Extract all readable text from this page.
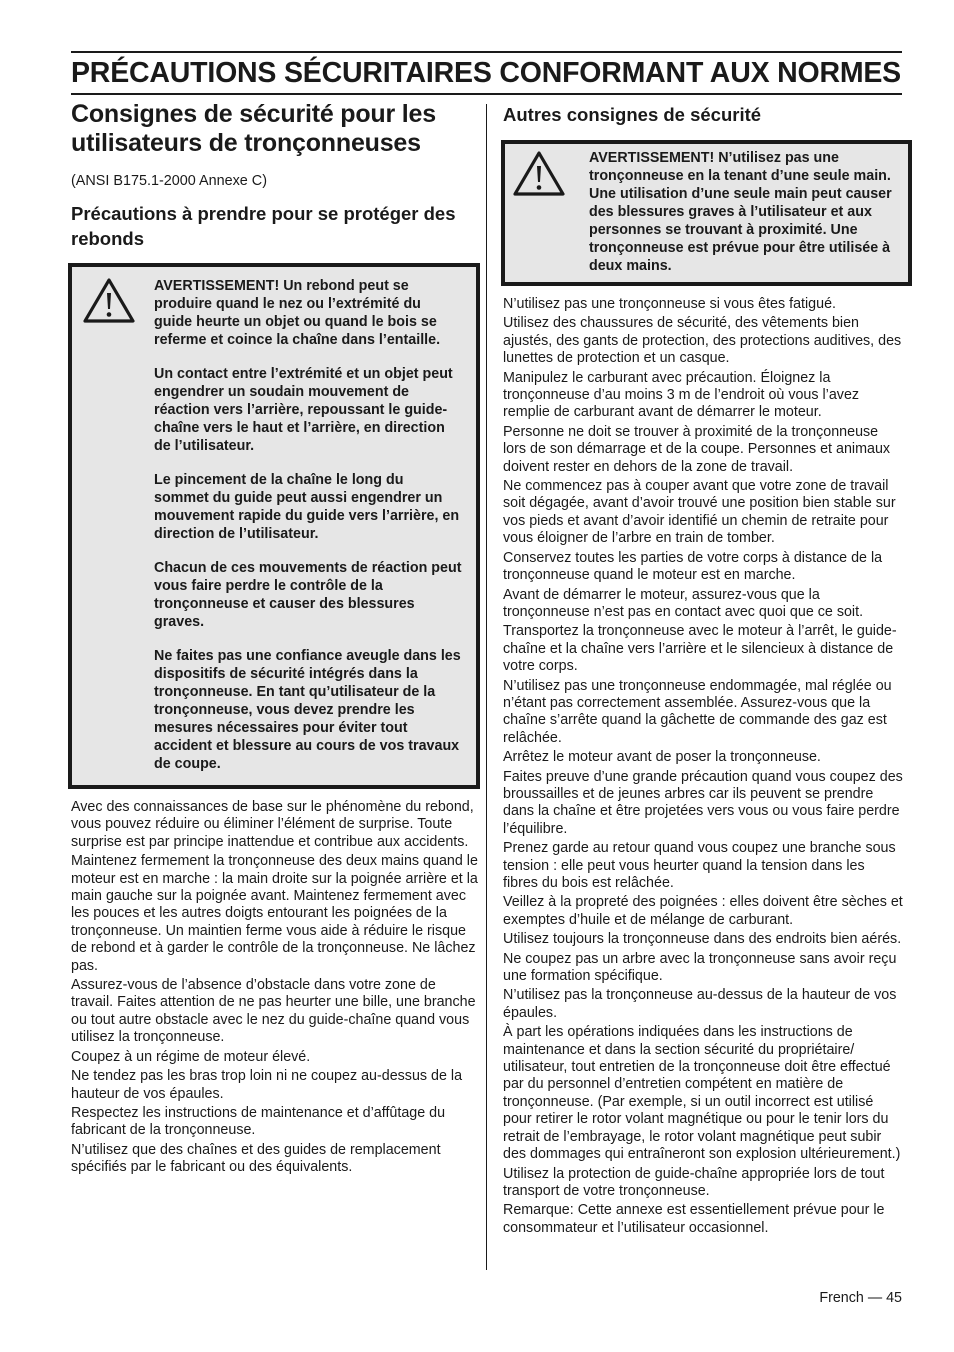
PRÉCAUTIONS SÉCURITAIRES CONFORMANT AUX NORMES
Consignes de sécurité pour les utilisateurs de tronçonneuses

(ANSI B175.1-2000 Annexe C)

Précautions à prendre pour se protéger des rebonds

AVERTISSEMENT! Un rebond peut se produire quand le nez ou l’extrémité du guide heurte un objet ou quand le bois se referme et coince la chaîne dans l’entaille.

Un contact entre l’extrémité et un objet peut engendrer un soudain mouvement de réaction vers l’arrière, repoussant le guide-chaîne vers le haut et l’arrière, en direction de l’utilisateur.

Le pincement de la chaîne le long du sommet du guide peut aussi engendrer un mouvement rapide du guide vers l’arrière, en direction de l’utilisateur.

Chacun de ces mouvements de réaction peut vous faire perdre le contrôle de la tronçonneuse et causer des blessures graves.

Ne faites pas une confiance aveugle dans les dispositifs de sécurité intégrés dans la tronçonneuse. En tant qu’utilisateur de la tronçonneuse, vous devez prendre les mesures nécessaires pour éviter tout accident et blessure au cours de vos travaux de coupe.

Avec des connaissances de base sur le phénomène du rebond, vous pouvez réduire ou éliminer l’élément de surprise. Toute surprise est par principe inattendue et contribue aux accidents.

Maintenez fermement la tronçonneuse des deux mains quand le moteur est en marche : la main droite sur la poignée arrière et la main gauche sur la poignée avant. Maintenez fermement avec les pouces et les autres doigts entourant les poignées de la tronçonneuse. Un maintien ferme vous aide à réduire le risque de rebond et à garder le contrôle de la tronçonneuse. Ne lâchez pas.

Assurez-vous de l’absence d’obstacle dans votre zone de travail. Faites attention de ne pas heurter une bille, une branche ou tout autre obstacle avec le nez du guide-chaîne quand vous utilisez la tronçonneuse.

Coupez à un régime de moteur élevé.

Ne tendez pas les bras trop loin ni ne coupez au-dessus de la hauteur de vos épaules.

Respectez les instructions de maintenance et d’affûtage du fabricant de la tronçonneuse.

N’utilisez que des chaînes et des guides de remplacement spécifiés par le fabricant ou des équivalents.

Autres consignes de sécurité

AVERTISSEMENT! N’utilisez pas une tronçonneuse en la tenant d’une seule main. Une utilisation d’une seule main peut causer des blessures graves à l’utilisateur et aux personnes se trouvant à proximité. Une tronçonneuse est prévue pour être utilisée à deux mains.

N’utilisez pas une tronçonneuse si vous êtes fatigué.

Utilisez des chaussures de sécurité, des vêtements bien ajustés, des gants de protection, des protections auditives, des lunettes de protection et un casque.

Manipulez le carburant avec précaution. Éloignez la tronçonneuse d’au moins 3 m de l’endroit où vous l’avez remplie de carburant avant de démarrer le moteur.

Personne ne doit se trouver à proximité de la tronçonneuse lors de son démarrage et de la coupe. Personnes et animaux doivent rester en dehors de la zone de travail.

Ne commencez pas à couper avant que votre zone de travail soit dégagée, avant d’avoir trouvé une position bien stable sur vos pieds et avant d’avoir identifié un chemin de retraite pour vous éloigner de l’arbre en train de tomber.

Conservez toutes les parties de votre corps à distance de la tronçonneuse quand le moteur est en marche.

Avant de démarrer le moteur, assurez-vous que la tronçonneuse n’est pas en contact avec quoi que ce soit.

Transportez la tronçonneuse avec le moteur à l’arrêt, le guide-chaîne et la chaîne vers l’arrière et le silencieux à distance de votre corps.

N’utilisez pas une tronçonneuse endommagée, mal réglée ou n’étant pas correctement assemblée. Assurez-vous que la chaîne s’arrête quand la gâchette de commande des gaz est relâchée.

Arrêtez le moteur avant de poser la tronçonneuse.

Faites preuve d’une grande précaution quand vous coupez des broussailles et de jeunes arbres car ils peuvent se prendre dans la chaîne et être projetées vers vous ou vous faire perdre l’équilibre.

Prenez garde au retour quand vous coupez une branche sous tension : elle peut vous heurter quand la tension dans les fibres du bois est relâchée.

Veillez à la propreté des poignées : elles doivent être sèches et exemptes d’huile et de mélange de carburant.

Utilisez toujours la tronçonneuse dans des endroits bien aérés.

Ne coupez pas un arbre avec la tronçonneuse sans avoir reçu une formation spécifique.

N’utilisez pas la tronçonneuse au-dessus de la hauteur de vos épaules.

À part les opérations indiquées dans les instructions de maintenance et dans la section sécurité du propriétaire/ utilisateur, tout entretien de la tronçonneuse doit être effectué par du personnel d’entretien compétent en matière de tronçonneuse. (Par exemple, si un outil incorrect est utilisé pour retirer le rotor volant magnétique ou pour le tenir lors du retrait de l’embrayage, le rotor volant magnétique peut subir des dommages qui entraîneront son explosion ultérieurement.)

Utilisez la protection de guide-chaîne appropriée lors de tout transport de votre tronçonneuse.

Remarque: Cette annexe est essentiellement prévue pour le consommateur et l’utilisateur occasionnel.

French — 45
